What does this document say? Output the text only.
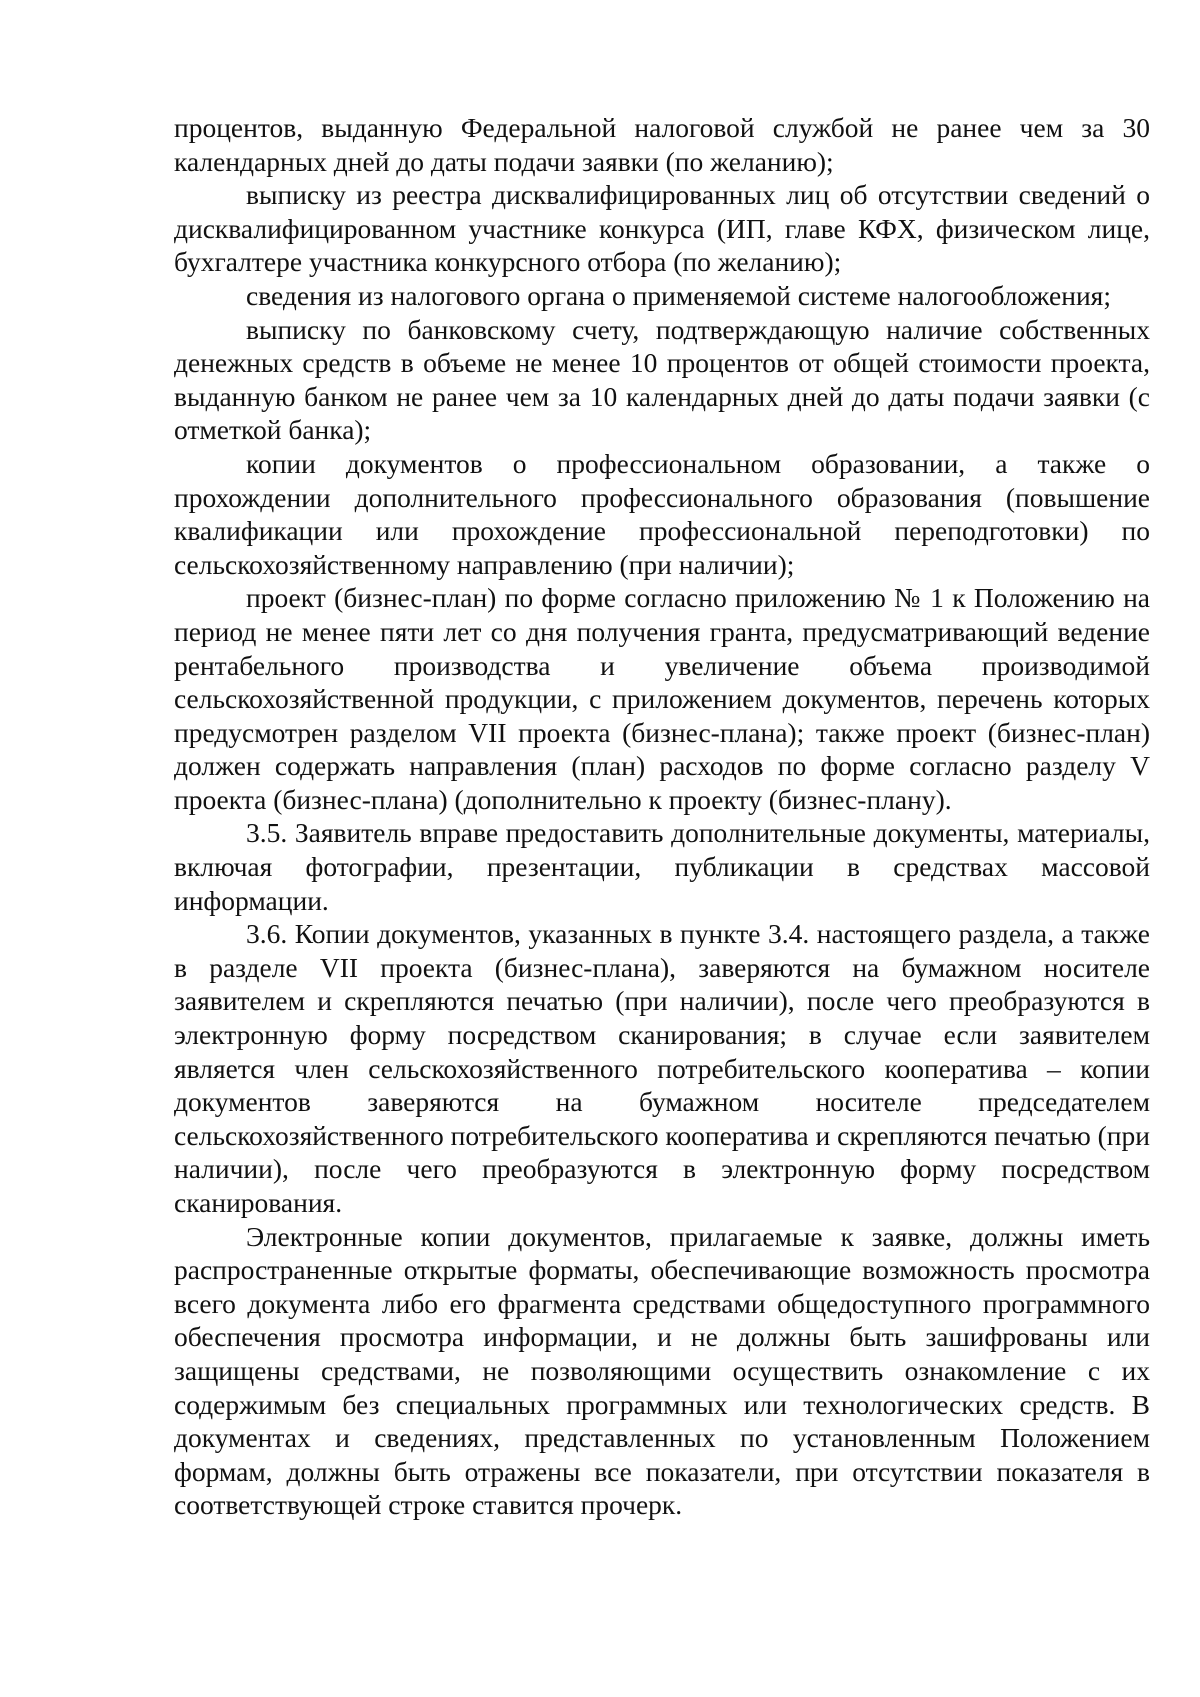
процентов, выданную Федеральной налоговой службой не ранее чем за 30 календарных дней до даты подачи заявки (по желанию);

выписку из реестра дисквалифицированных лиц об отсутствии сведений о дисквалифицированном участнике конкурса (ИП, главе КФХ, физическом лице, бухгалтере участника конкурсного отбора (по желанию);

сведения из налогового органа о применяемой системе налогообложения;

выписку по банковскому счету, подтверждающую наличие собственных денежных средств в объеме не менее 10 процентов от общей стоимости проекта, выданную банком не ранее чем за 10 календарных дней до даты подачи заявки (с отметкой банка);

копии документов о профессиональном образовании, а также о прохождении дополнительного профессионального образования (повышение квалификации или прохождение профессиональной переподготовки) по сельскохозяйственному направлению (при наличии);

проект (бизнес-план) по форме согласно приложению № 1 к Положению на период не менее пяти лет со дня получения гранта, предусматривающий ведение рентабельного производства и увеличение объема производимой сельскохозяйственной продукции, с приложением документов, перечень которых предусмотрен разделом VII проекта (бизнес-плана); также проект (бизнес-план) должен содержать направления (план) расходов по форме согласно разделу V проекта (бизнес-плана) (дополнительно к проекту (бизнес-плану).

3.5. Заявитель вправе предоставить дополнительные документы, материалы, включая фотографии, презентации, публикации в средствах массовой информации.

3.6. Копии документов, указанных в пункте 3.4. настоящего раздела, а также в разделе VII проекта (бизнес-плана), заверяются на бумажном носителе заявителем и скрепляются печатью (при наличии), после чего преобразуются в электронную форму посредством сканирования; в случае если заявителем является член сельскохозяйственного потребительского кооператива – копии документов заверяются на бумажном носителе председателем сельскохозяйственного потребительского кооператива и скрепляются печатью (при наличии), после чего преобразуются в электронную форму посредством сканирования.

Электронные копии документов, прилагаемые к заявке, должны иметь распространенные открытые форматы, обеспечивающие возможность просмотра всего документа либо его фрагмента средствами общедоступного программного обеспечения просмотра информации, и не должны быть зашифрованы или защищены средствами, не позволяющими осуществить ознакомление с их содержимым без специальных программных или технологических средств. В документах и сведениях, представленных по установленным Положением формам, должны быть отражены все показатели, при отсутствии показателя в соответствующей строке ставится прочерк.
